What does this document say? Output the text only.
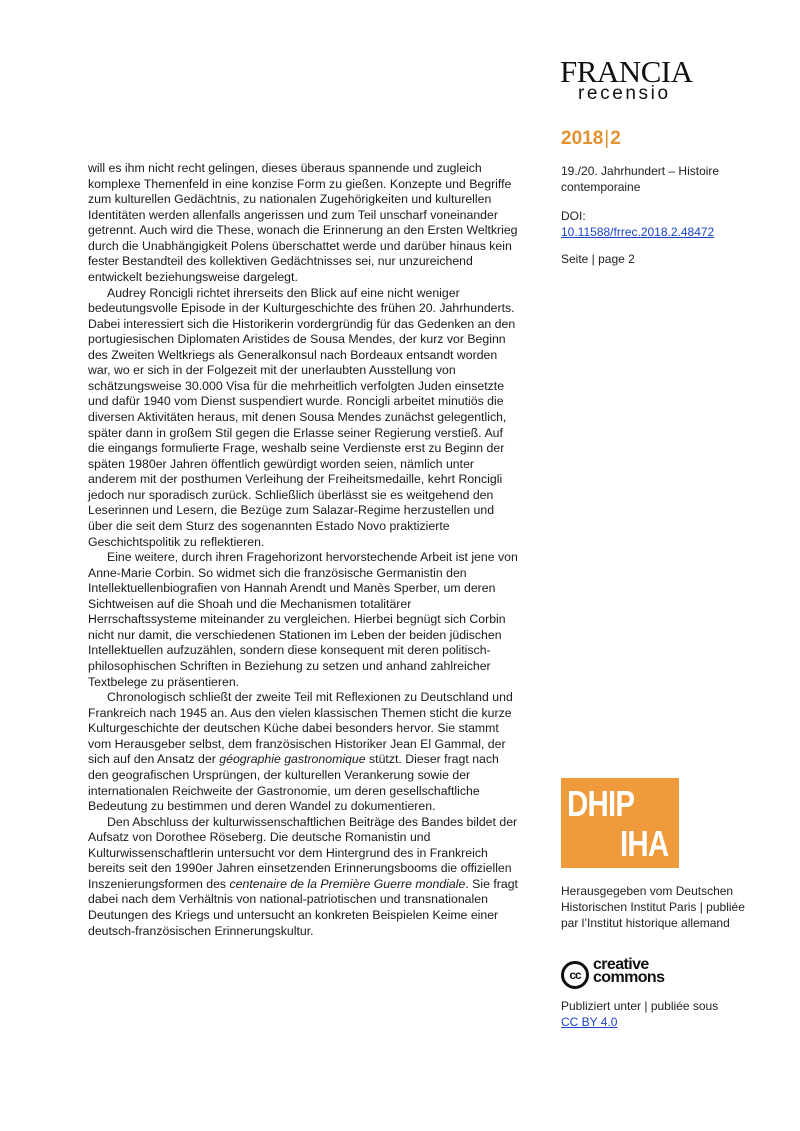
FRANCIA
recensio
2018|2
19./20. Jahrhundert – Histoire contemporaine
DOI:
10.11588/frrec.2018.2.48472
Seite | page 2

will es ihm nicht recht gelingen, dieses überaus spannende und zugleich komplexe Themenfeld in eine konzise Form zu gießen. Konzepte und Begriffe zum kulturellen Gedächtnis, zu nationalen Zugehörigkeiten und kulturellen Identitäten werden allenfalls angerissen und zum Teil unscharf voneinander getrennt. Auch wird die These, wonach die Erinnerung an den Ersten Weltkrieg durch die Unabhängigkeit Polens überschattet werde und darüber hinaus kein fester Bestandteil des kollektiven Gedächtnisses sei, nur unzureichend entwickelt beziehungsweise dargelegt.

Audrey Roncigli richtet ihrerseits den Blick auf eine nicht weniger bedeutungsvolle Episode in der Kulturgeschichte des frühen 20. Jahrhunderts. Dabei interessiert sich die Historikerin vordergründig für das Gedenken an den portugiesischen Diplomaten Aristides de Sousa Mendes, der kurz vor Beginn des Zweiten Weltkriegs als Generalkonsul nach Bordeaux entsandt worden war, wo er sich in der Folgezeit mit der unerlaubten Ausstellung von schätzungsweise 30.000 Visa für die mehrheitlich verfolgten Juden einsetzte und dafür 1940 vom Dienst suspendiert wurde. Roncigli arbeitet minutiös die diversen Aktivitäten heraus, mit denen Sousa Mendes zunächst gelegentlich, später dann in großem Stil gegen die Erlasse seiner Regierung verstieß. Auf die eingangs formulierte Frage, weshalb seine Verdienste erst zu Beginn der späten 1980er Jahren öffentlich gewürdigt worden seien, nämlich unter anderem mit der posthumen Verleihung der Freiheitsmedaille, kehrt Roncigli jedoch nur sporadisch zurück. Schließlich überlässt sie es weitgehend den Leserinnen und Lesern, die Bezüge zum Salazar-Regime herzustellen und über die seit dem Sturz des sogenannten Estado Novo praktizierte Geschichtspolitik zu reflektieren.

Eine weitere, durch ihren Fragehorizont hervorstechende Arbeit ist jene von Anne-Marie Corbin. So widmet sich die französische Germanistin den Intellektuellenbiografien von Hannah Arendt und Manès Sperber, um deren Sichtweisen auf die Shoah und die Mechanismen totalitärer Herrschaftssysteme miteinander zu vergleichen. Hierbei begnügt sich Corbin nicht nur damit, die verschiedenen Stationen im Leben der beiden jüdischen Intellektuellen aufzuzählen, sondern diese konsequent mit deren politisch-philosophischen Schriften in Beziehung zu setzen und anhand zahlreicher Textbelege zu präsentieren.

Chronologisch schließt der zweite Teil mit Reflexionen zu Deutschland und Frankreich nach 1945 an. Aus den vielen klassischen Themen sticht die kurze Kulturgeschichte der deutschen Küche dabei besonders hervor. Sie stammt vom Herausgeber selbst, dem französischen Historiker Jean El Gammal, der sich auf den Ansatz der géographie gastronomique stützt. Dieser fragt nach den geografischen Ursprüngen, der kulturellen Verankerung sowie der internationalen Reichweite der Gastronomie, um deren gesellschaftliche Bedeutung zu bestimmen und deren Wandel zu dokumentieren.

Den Abschluss der kulturwissenschaftlichen Beiträge des Bandes bildet der Aufsatz von Dorothee Röseberg. Die deutsche Romanistin und Kulturwissenschaftlerin untersucht vor dem Hintergrund des in Frankreich bereits seit den 1990er Jahren einsetzenden Erinnerungsbooms die offiziellen Inszenierungsformen des centenaire de la Première Guerre mondiale. Sie fragt dabei nach dem Verhältnis von national-patriotischen und transnationalen Deutungen des Kriegs und untersucht an konkreten Beispielen Keime einer deutsch-französischen Erinnerungskultur.

DHIP
IHA
Herausgegeben vom Deutschen Historischen Institut Paris | publiée par l’Institut historique allemand
cc
creative
commons
Publiziert unter | publiée sous
CC BY 4.0
